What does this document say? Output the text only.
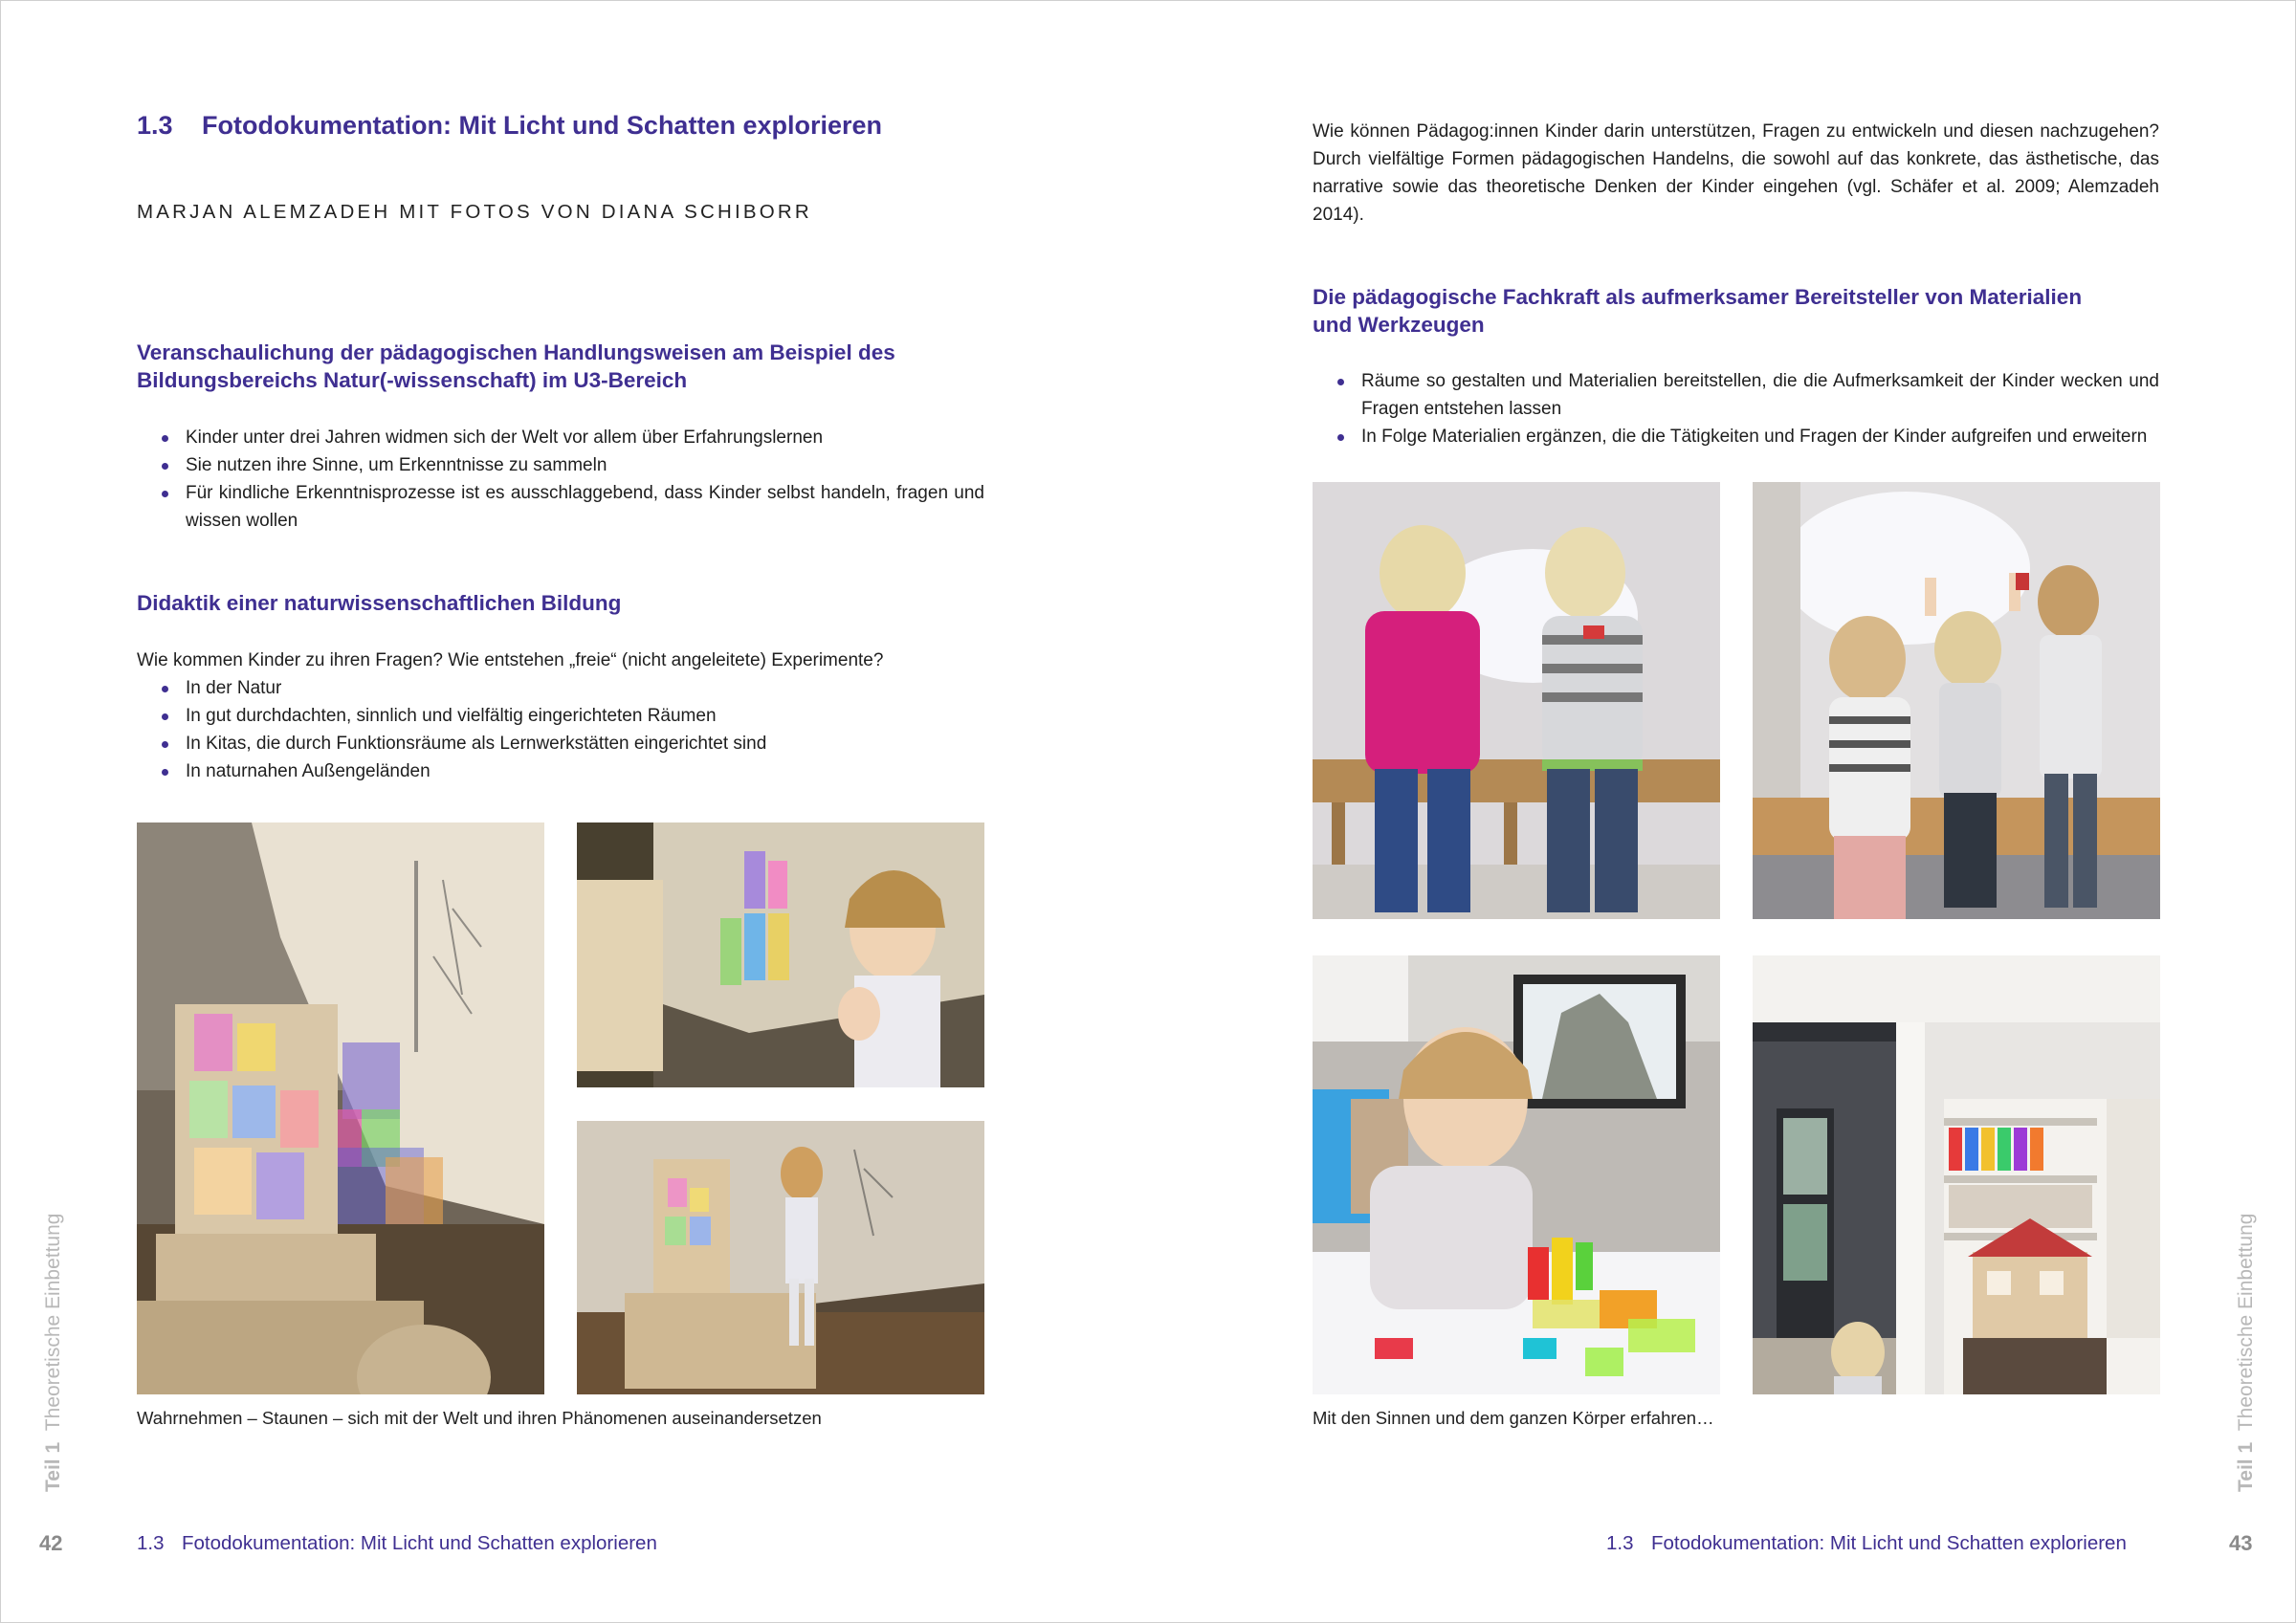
1.3 Fotodokumentation: Mit Licht und Schatten explorieren
MARJAN ALEMZADEH MIT FOTOS VON DIANA SCHIBORR
Veranschaulichung der pädagogischen Handlungsweisen am Beispiel des
Bildungsbereichs Natur(-wissenschaft) im U3-Bereich
Kinder unter drei Jahren widmen sich der Welt vor allem über Erfahrungslernen
Sie nutzen ihre Sinne, um Erkenntnisse zu sammeln
Für kindliche Erkenntnisprozesse ist es ausschlaggebend, dass Kinder selbst handeln, fragen und wissen wollen
Didaktik einer naturwissenschaftlichen Bildung
Wie kommen Kinder zu ihren Fragen? Wie entstehen „freie“ (nicht angeleitete) Experimente?
In der Natur
In gut durchdachten, sinnlich und vielfältig eingerichteten Räumen
In Kitas, die durch Funktionsräume als Lernwerkstätten eingerichtet sind
In naturnahen Außengeländen
Wahrnehmen – Staunen – sich mit der Welt und ihren Phänomenen auseinandersetzen
Teil 1  Theoretische Einbettung
42	1.3 Fotodokumentation: Mit Licht und Schatten explorieren
Wie können Pädagog:innen Kinder darin unterstützen, Fragen zu entwickeln und diesen nachzugehen? Durch vielfältige Formen pädagogischen Handelns, die sowohl auf das konkrete, das ästhetische, das narrative sowie das theoretische Denken der Kinder eingehen (vgl. Schäfer et al. 2009; Alemzadeh 2014).
Die pädagogische Fachkraft als aufmerksamer Bereitsteller von Materialien
und Werkzeugen
Räume so gestalten und Materialien bereitstellen, die die Aufmerksamkeit der Kinder wecken und Fragen entstehen lassen
In Folge Materialien ergänzen, die die Tätigkeiten und Fragen der Kinder aufgreifen und erweitern
Mit den Sinnen und dem ganzen Körper erfahren…
Teil 1  Theoretische Einbettung
43
1.3 Fotodokumentation: Mit Licht und Schatten explorieren
